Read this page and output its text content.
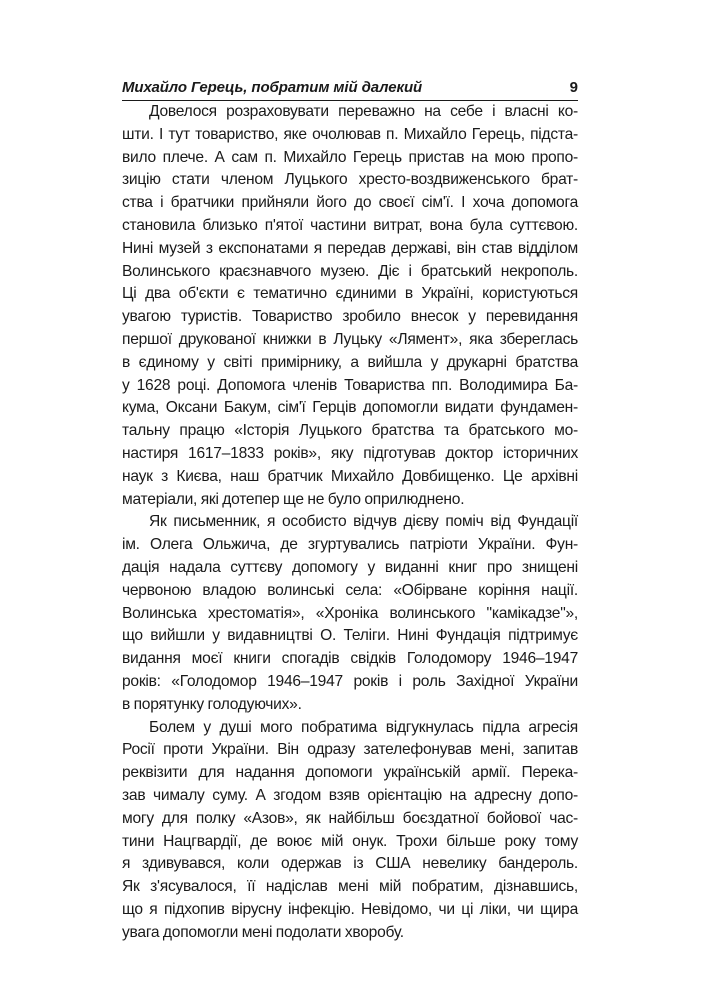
Михайло Герець, побратим мій далекий	9
Довелося розраховувати переважно на себе і власні ко-
шти. І тут товариство, яке очолював п. Михайло Герець, підста-
вило плече. А сам п. Михайло Герець пристав на мою пропо-
зицію стати членом Луцького хресто-воздвиженського брат-
ства і братчики прийняли його до своєї сім'ї. І хоча допомога
становила близько п'ятої частини витрат, вона була суттєвою.
Нині музей з експонатами я передав державі, він став відділом
Волинського краєзнавчого музею. Діє і братський некрополь.
Ці два об'єкти є тематично єдиними в Україні, користуються
увагою туристів. Товариство зробило внесок у перевидання
першої друкованої книжки в Луцьку «Лямент», яка збереглась
в єдиному у світі примірнику, а вийшла у друкарні братства
у 1628 році. Допомога членів Товариства пп. Володимира Ба-
кума, Оксани Бакум, сім'ї Герців допомогли видати фундамен-
тальну працю «Історія Луцького братства та братського мо-
настиря 1617–1833 років», яку підготував доктор історичних
наук з Києва, наш братчик Михайло Довбищенко. Це архівні
матеріали, які дотепер ще не було оприлюднено.
Як письменник, я особисто відчув дієву поміч від Фундації
ім. Олега Ольжича, де згуртувались патріоти України. Фун-
дація надала суттєву допомогу у виданні книг про знищені
червоною владою волинські села: «Обірване коріння нації.
Волинська хрестоматія», «Хроніка волинського "камікадзе"»,
що вийшли у видавництві О. Теліги. Нині Фундація підтримує
видання моєї книги спогадів свідків Голодомору 1946–1947
років: «Голодомор 1946–1947 років і роль Західної України
в порятунку голодуючих».
Болем у душі мого побратима відгукнулась підла агресія
Росії проти України. Він одразу зателефонував мені, запитав
реквізити для надання допомоги українській армії. Перека-
зав чималу суму. А згодом взяв орієнтацію на адресну допо-
могу для полку «Азов», як найбільш боєздатної бойової час-
тини Нацгвардії, де воює мій онук. Трохи більше року тому
я здивувався, коли одержав із США невелику бандероль.
Як з'ясувалося, її надіслав мені мій побратим, дізнавшись,
що я підхопив вірусну інфекцію. Невідомо, чи ці ліки, чи щира
увага допомогли мені подолати хворобу.
